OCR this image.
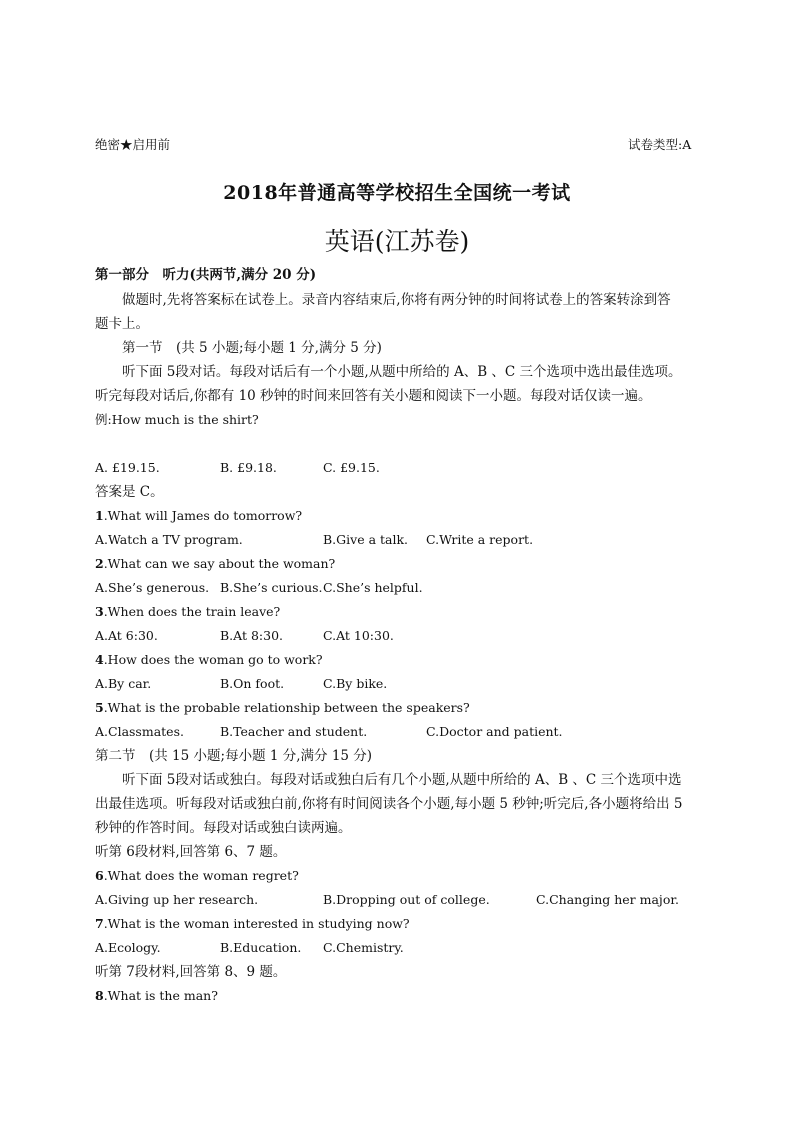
绝密★启用前	试卷类型:A
2018年普通高等学校招生全国统一考试
英语(江苏卷)
第一部分　听力(共两节,满分 20 分)
做题时,先将答案标在试卷上。录音内容结束后,你将有两分钟的时间将试卷上的答案转涂到答
题卡上。
第一节　(共 5 小题;每小题 1 分,满分 5 分)
听下面 5段对话。每段对话后有一个小题,从题中所给的 A、B 、C 三个选项中选出最佳选项。
听完每段对话后,你都有 10 秒钟的时间来回答有关小题和阅读下一小题。每段对话仅读一遍。
例:How much is the shirt?
A. £19.15.	B. £9.18.	C. £9.15.
答案是 C。
1.What will James do tomorrow?
A.Watch a TV program.	B.Give a talk. C.Write a report.
2.What can we say about the woman?
A.She’s generous. B.She’s curious. C.She’s helpful.
3.When does the train leave?
A.At 6:30.	B.At 8:30.	C.At 10:30.
4.How does the woman go to work?
A.By car.	B.On foot.	C.By bike.
5.What is the probable relationship between the speakers?
A.Classmates.	B.Teacher and student.	C.Doctor and patient.
第二节　(共 15 小题;每小题 1 分,满分 15 分)
听下面 5段对话或独白。每段对话或独白后有几个小题,从题中所给的 A、B 、C 三个选项中选
出最佳选项。听每段对话或独白前,你将有时间阅读各个小题,每小题 5 秒钟;听完后,各小题将给出 5
秒钟的作答时间。每段对话或独白读两遍。
听第 6段材料,回答第 6、7 题。
6.What does the woman regret?
A.Giving up her research.	B.Dropping out of college.	C.Changing her major.
7.What is the woman interested in studying now?
A.Ecology.	B.Education. C.Chemistry.
听第 7段材料,回答第 8、9 题。
8.What is the man?
